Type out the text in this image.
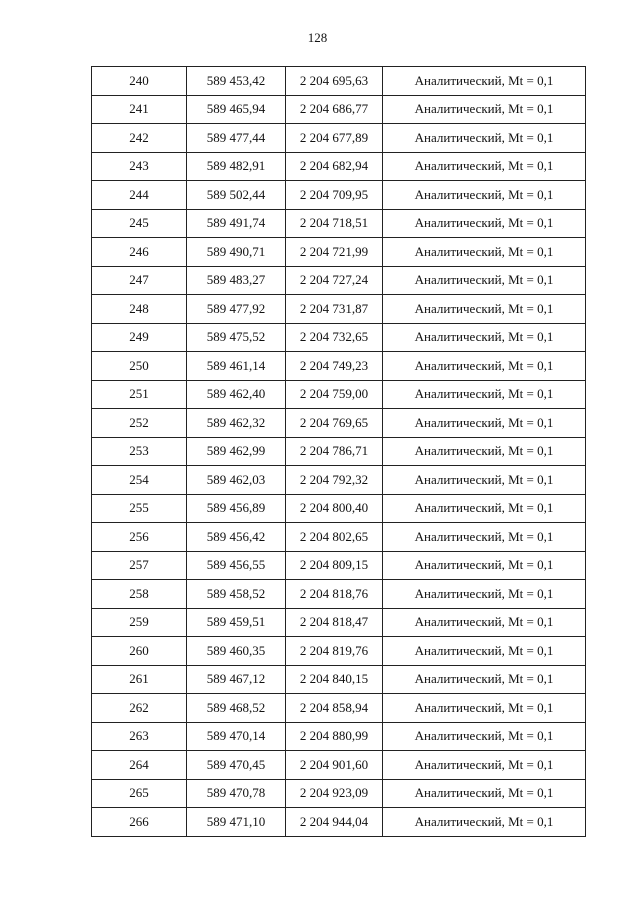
128
240	589 453,42	2 204 695,63	Аналитический, Mt = 0,1
241	589 465,94	2 204 686,77	Аналитический, Mt = 0,1
242	589 477,44	2 204 677,89	Аналитический, Mt = 0,1
243	589 482,91	2 204 682,94	Аналитический, Mt = 0,1
244	589 502,44	2 204 709,95	Аналитический, Mt = 0,1
245	589 491,74	2 204 718,51	Аналитический, Mt = 0,1
246	589 490,71	2 204 721,99	Аналитический, Mt = 0,1
247	589 483,27	2 204 727,24	Аналитический, Mt = 0,1
248	589 477,92	2 204 731,87	Аналитический, Mt = 0,1
249	589 475,52	2 204 732,65	Аналитический, Mt = 0,1
250	589 461,14	2 204 749,23	Аналитический, Mt = 0,1
251	589 462,40	2 204 759,00	Аналитический, Mt = 0,1
252	589 462,32	2 204 769,65	Аналитический, Mt = 0,1
253	589 462,99	2 204 786,71	Аналитический, Mt = 0,1
254	589 462,03	2 204 792,32	Аналитический, Mt = 0,1
255	589 456,89	2 204 800,40	Аналитический, Mt = 0,1
256	589 456,42	2 204 802,65	Аналитический, Mt = 0,1
257	589 456,55	2 204 809,15	Аналитический, Mt = 0,1
258	589 458,52	2 204 818,76	Аналитический, Mt = 0,1
259	589 459,51	2 204 818,47	Аналитический, Mt = 0,1
260	589 460,35	2 204 819,76	Аналитический, Mt = 0,1
261	589 467,12	2 204 840,15	Аналитический, Mt = 0,1
262	589 468,52	2 204 858,94	Аналитический, Mt = 0,1
263	589 470,14	2 204 880,99	Аналитический, Mt = 0,1
264	589 470,45	2 204 901,60	Аналитический, Mt = 0,1
265	589 470,78	2 204 923,09	Аналитический, Mt = 0,1
266	589 471,10	2 204 944,04	Аналитический, Mt = 0,1
